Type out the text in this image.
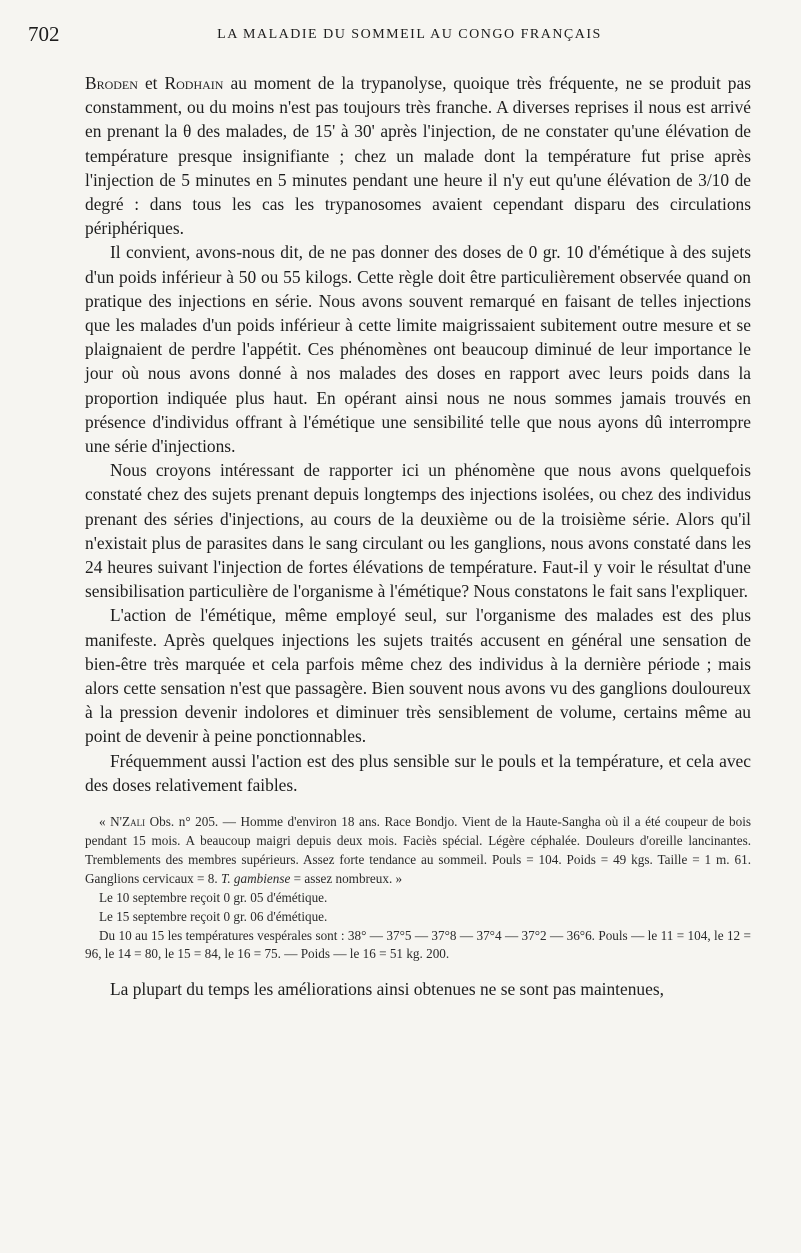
702	LA MALADIE DU SOMMEIL AU CONGO FRANÇAIS

Broden et Rodhain au moment de la trypanolyse, quoique très fréquente, ne se produit pas constamment, ou du moins n'est pas toujours très franche. A diverses reprises il nous est arrivé en prenant la θ des malades, de 15' à 30' après l'injection, de ne constater qu'une élévation de température presque insignifiante ; chez un malade dont la température fut prise après l'injection de 5 minutes en 5 minutes pendant une heure il n'y eut qu'une élévation de 3/10 de degré : dans tous les cas les trypanosomes avaient cependant disparu des circulations périphériques.

Il convient, avons-nous dit, de ne pas donner des doses de 0 gr. 10 d'émétique à des sujets d'un poids inférieur à 50 ou 55 kilogs. Cette règle doit être particulièrement observée quand on pratique des injections en série. Nous avons souvent remarqué en faisant de telles injections que les malades d'un poids inférieur à cette limite maigrissaient subitement outre mesure et se plaignaient de perdre l'appétit. Ces phénomènes ont beaucoup diminué de leur importance le jour où nous avons donné à nos malades des doses en rapport avec leurs poids dans la proportion indiquée plus haut. En opérant ainsi nous ne nous sommes jamais trouvés en présence d'individus offrant à l'émétique une sensibilité telle que nous ayons dû interrompre une série d'injections.

Nous croyons intéressant de rapporter ici un phénomène que nous avons quelquefois constaté chez des sujets prenant depuis longtemps des injections isolées, ou chez des individus prenant des séries d'injections, au cours de la deuxième ou de la troisième série. Alors qu'il n'existait plus de parasites dans le sang circulant ou les ganglions, nous avons constaté dans les 24 heures suivant l'injection de fortes élévations de température. Faut-il y voir le résultat d'une sensibilisation particulière de l'organisme à l'émétique? Nous constatons le fait sans l'expliquer.

L'action de l'émétique, même employé seul, sur l'organisme des malades est des plus manifeste. Après quelques injections les sujets traités accusent en général une sensation de bien-être très marquée et cela parfois même chez des individus à la dernière période ; mais alors cette sensation n'est que passagère. Bien souvent nous avons vu des ganglions douloureux à la pression devenir indolores et diminuer très sensiblement de volume, certains même au point de devenir à peine ponctionnables.

Fréquemment aussi l'action est des plus sensible sur le pouls et la température, et cela avec des doses relativement faibles.

« N'Zali Obs. n° 205. — Homme d'environ 18 ans. Race Bondjo. Vient de la Haute-Sangha où il a été coupeur de bois pendant 15 mois. A beaucoup maigri depuis deux mois. Faciès spécial. Légère céphalée. Douleurs d'oreille lancinantes. Tremblements des membres supérieurs. Assez forte tendance au sommeil. Pouls = 104. Poids = 49 kgs. Taille = 1 m. 61. Ganglions cervicaux = 8. T. gambiense = assez nombreux. »

Le 10 septembre reçoit 0 gr. 05 d'émétique.

Le 15 septembre reçoit 0 gr. 06 d'émétique.

Du 10 au 15 les températures vespérales sont : 38° — 37°5 — 37°8 — 37°4 — 37°2 — 36°6. Pouls — le 11 = 104, le 12 = 96, le 14 = 80, le 15 = 84, le 16 = 75. — Poids — le 16 = 51 kg. 200.

La plupart du temps les améliorations ainsi obtenues ne se sont pas maintenues,
